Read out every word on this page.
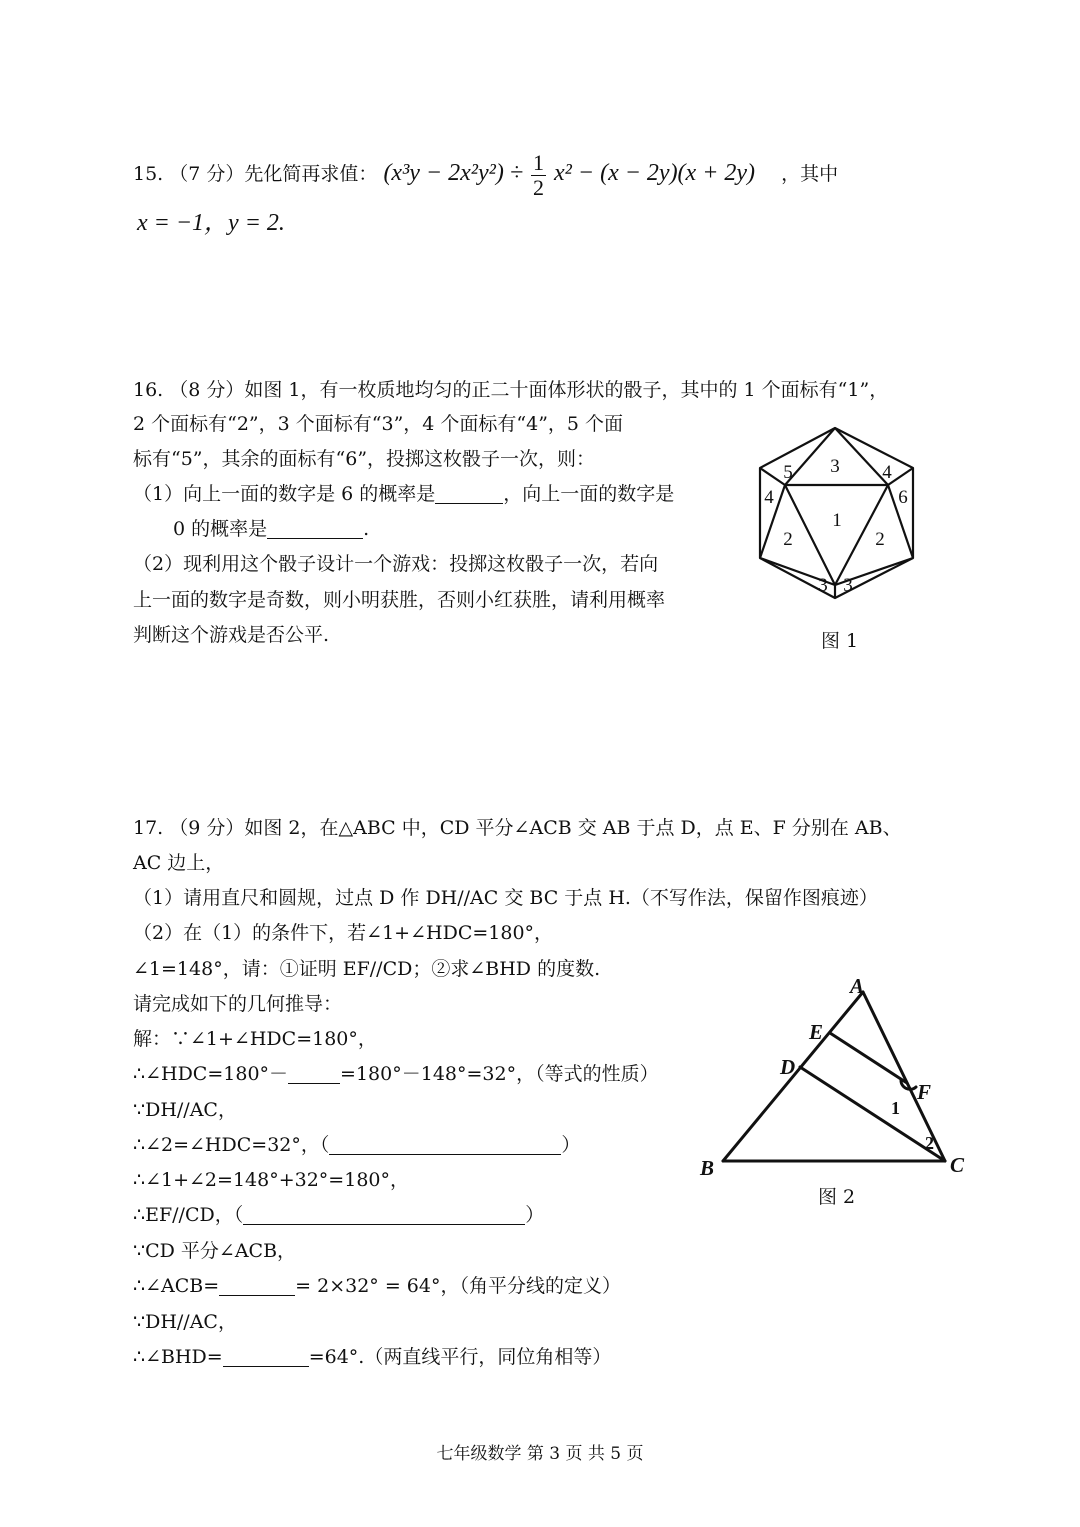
15. （7 分）先化简再求值： $(x^3y - 2x^2y^2) \div \frac{1}{2} x^2 - (x - 2y)(x + 2y)$ ，其中
x = −1，y = 2.
16. （8 分）如图 1，有一枚质地均匀的正二十面体形状的骰子，其中的 1 个面标有“1”，
2 个面标有“2”，3 个面标有“3”，4 个面标有“4”，5 个面
标有“5”，其余的面标有“6”，投掷这枚骰子一次，则：
（1）向上一面的数字是 6 的概率是	，向上一面的数字是
0 的概率是	.
（2）现利用这个骰子设计一个游戏：投掷这枚骰子一次，若向
上一面的数字是奇数，则小明获胜，否则小红获胜，请利用概率
判断这个游戏是否公平.
5 3 4
4	6
1
2	2
3 3
图 1
17. （9 分）如图 2，在△ABC 中，CD 平分∠ACB 交 AB 于点 D，点 E、F 分别在 AB、
AC 边上，
（1）请用直尺和圆规，过点 D 作 DH//AC 交 BC 于点 H.（不写作法，保留作图痕迹）
（2）在（1）的条件下，若∠1+∠HDC=180°，
∠1=148°，请：①证明 EF//CD；②求∠BHD 的度数.
请完成如下的几何推导：
解：∵∠1+∠HDC=180°，
∴∠HDC=180°－	=180°－148°=32°，（等式的性质）
∵DH//AC，
∴∠2=∠HDC=32°，（	）
∴∠1+∠2=148°+32°=180°，
∴EF//CD，（	）
∵CD 平分∠ACB，
∴∠ACB=	= 2×32° = 64°，（角平分线的定义）
∵DH//AC，
∴∠BHD=	=64°.（两直线平行，同位角相等）
A
E
D
F
B	C
1
2
图 2
七年级数学 第 3 页 共 5 页
